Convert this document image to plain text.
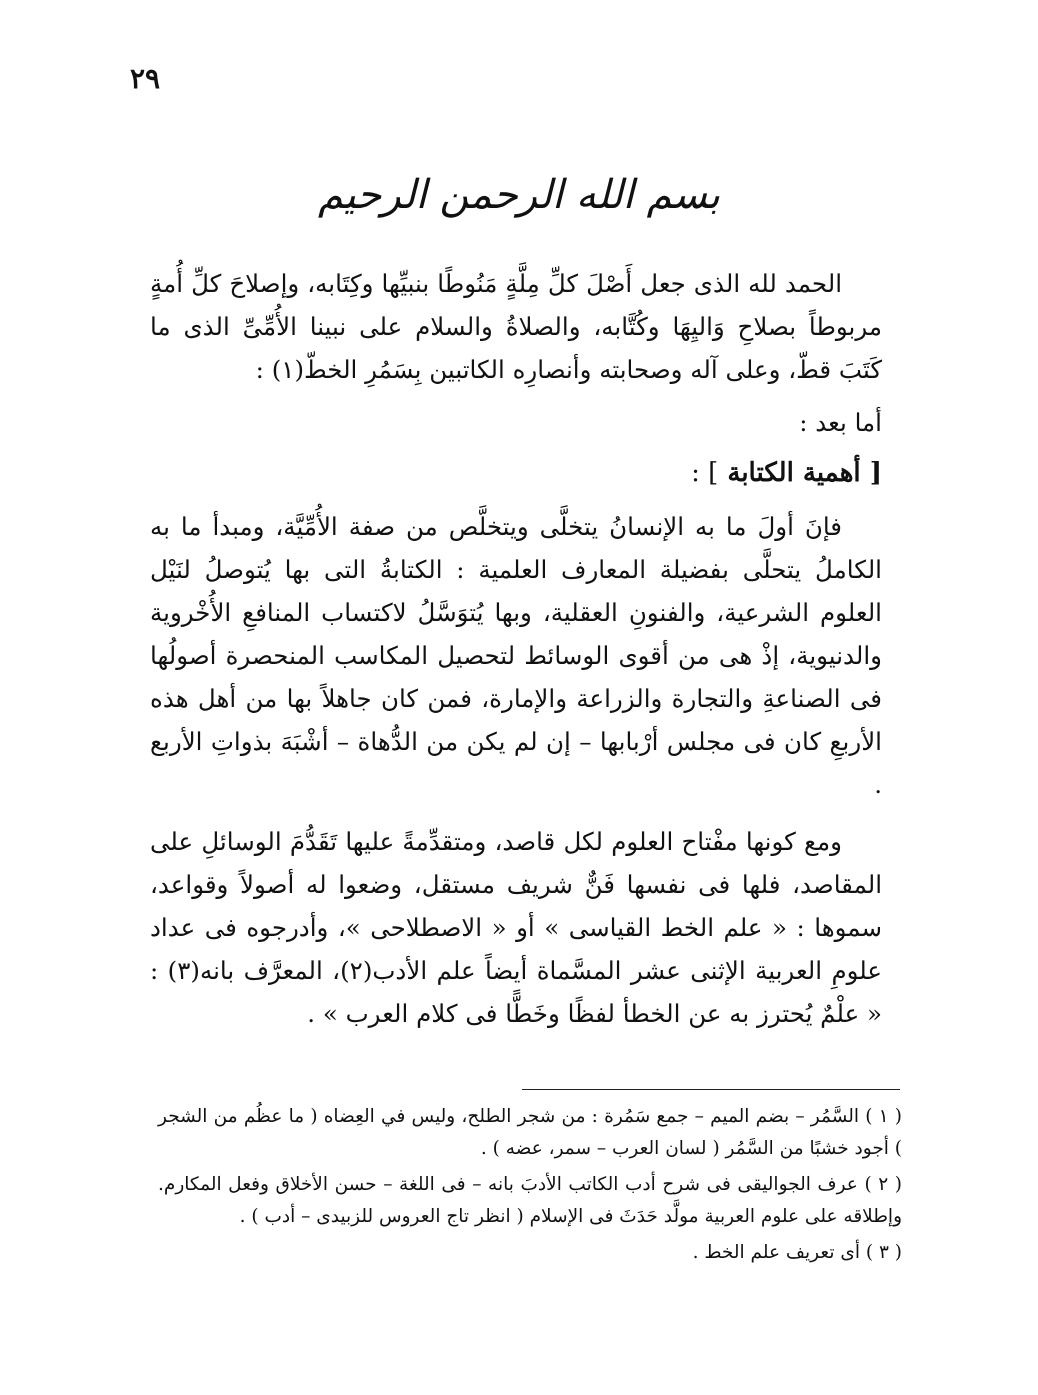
٢٩
بسم الله الرحمن الرحيم

الحمد لله الذى جعل أَصْلَ كلِّ مِلَّةٍ مَنُوطًا بنبيِّها وكِتَابه، وإصلاحَ كلِّ أُمةٍ مربوطاً بصلاحِ وَاليِهَا وكُتَّابه، والصلاةُ والسلام على نبينا الأُمِّىِّ الذى ما كَتَبَ قطّ، وعلى آله وصحابته وأنصارِه الكاتبين بِسَمُرِ الخطّ(١) :

أما بعد :

[ أهمية الكتابة ] :

فإنَ أولَ ما به الإنسانُ يتخلَّى ويتخلَّص من صفة الأُمِّيَّة، ومبدأ ما به الكاملُ يتحلَّى بفضيلة المعارف العلمية : الكتابةُ التى بها يُتوصلُ لنَيْل العلوم الشرعية، والفنونِ العقلية، وبها يُتوَسَّلُ لاكتساب المنافعِ الأُخْروية والدنيوية، إذْ هى من أقوى الوسائط لتحصيل المكاسب المنحصرة أصولُها فى الصناعةِ والتجارة والزراعة والإمارة، فمن كان جاهلاً بها من أهل هذه الأربعِ كان فى مجلس أرْبابها – إن لم يكن من الدُّهاة – أشْبَهَ بذواتِ الأربع .

ومع كونها مفْتاح العلوم لكل قاصد، ومتقدِّمةً عليها تَقَدُّمَ الوسائلِ على المقاصد، فلها فى نفسها فَنٌّ شريف مستقل، وضعوا له أصولاً وقواعد، سموها : « علم الخط القياسى » أو « الاصطلاحى »، وأدرجوه فى عداد علومِ العربية الإثنى عشر المسَّماة أيضاً علم الأدب(٢)، المعرَّف بانه(٣) : « علْمٌ يُحترز به عن الخطأ لفظًا وخَطًّا فى كلام العرب » .

( ١ ) السَّمُر – بضم الميم – جمع سَمُرة : من شجر الطلح، وليس في العِضاه ( ما عظُم من الشجر ) أجود خشبًا من السَّمُر ( لسان العرب – سمر، عضه ) .

( ٢ ) عرف الجواليقى فى شرح أدب الكاتب الأدبَ بانه – فى اللغة – حسن الأخلاق وفعل المكارم. وإطلاقه على علوم العربية مولَّد حَدَثَ فى الإسلام ( انظر تاج العروس للزبيدى – أدب ) .

( ٣ ) أى تعريف علم الخط .
